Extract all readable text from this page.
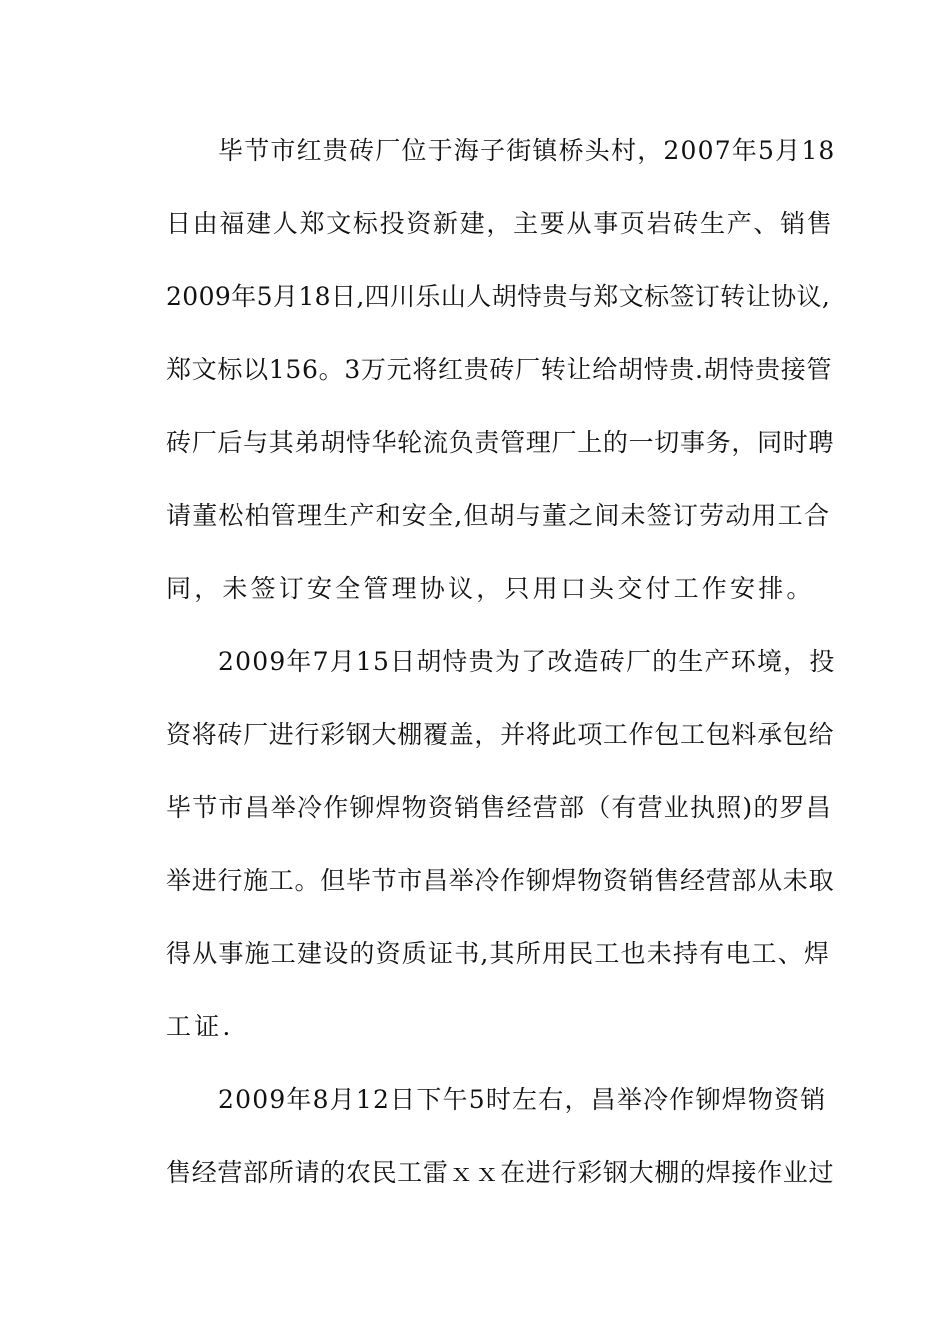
毕节市红贵砖厂位于海子街镇桥头村，2007年5月18
日由福建人郑文标投资新建，主要从事页岩砖生产、销售
2009年5月18日,四川乐山人胡恃贵与郑文标签订转让协议,
郑文标以156。3万元将红贵砖厂转让给胡恃贵.胡恃贵接管
砖厂后与其弟胡恃华轮流负责管理厂上的一切事务，同时聘
请董松柏管理生产和安全,但胡与董之间未签订劳动用工合
同，未签订安全管理协议，只用口头交付工作安排。
2009年7月15日胡恃贵为了改造砖厂的生产环境，投
资将砖厂进行彩钢大棚覆盖，并将此项工作包工包料承包给
毕节市昌举冷作铆焊物资销售经营部（有营业执照)的罗昌
举进行施工。但毕节市昌举冷作铆焊物资销售经营部从未取
得从事施工建设的资质证书,其所用民工也未持有电工、焊
工证.
2009年8月12日下午5时左右，昌举冷作铆焊物资销
售经营部所请的农民工雷ｘｘ在进行彩钢大棚的焊接作业过
